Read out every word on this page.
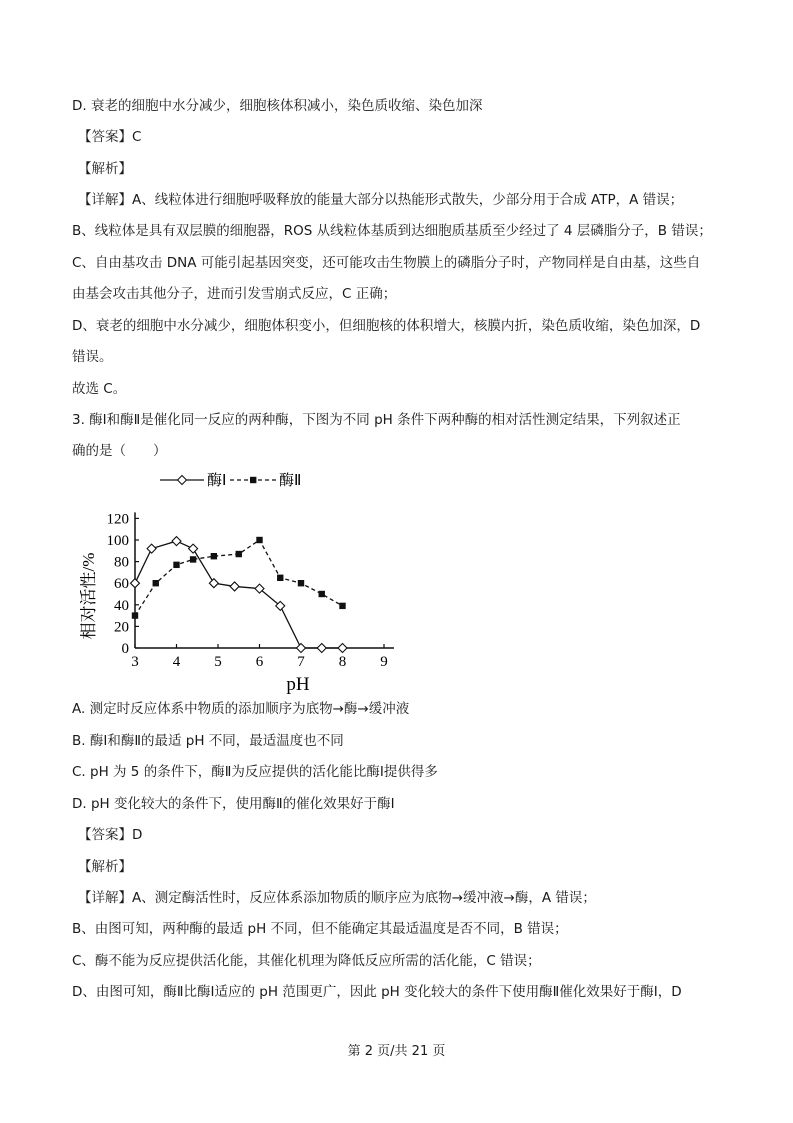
D. 衰老的细胞中水分减少，细胞核体积减小，染色质收缩、染色加深
【答案】C
【解析】
【详解】A、线粒体进行细胞呼吸释放的能量大部分以热能形式散失，少部分用于合成 ATP，A 错误；
B、线粒体是具有双层膜的细胞器，ROS 从线粒体基质到达细胞质基质至少经过了 4 层磷脂分子，B 错误；
C、自由基攻击 DNA 可能引起基因突变，还可能攻击生物膜上的磷脂分子时，产物同样是自由基，这些自
由基会攻击其他分子，进而引发雪崩式反应，C 正确；
D、衰老的细胞中水分减少，细胞体积变小，但细胞核的体积增大，核膜内折，染色质收缩，染色加深，D
错误。
故选 C。
3. 酶Ⅰ和酶Ⅱ是催化同一反应的两种酶，下图为不同 pH 条件下两种酶的相对活性测定结果，下列叙述正
确的是（　　）
3 4 5 6 7 8 9
0
20
40
60
80
100
120
酶Ⅰ	酶Ⅱ
相对活性/%
pH
A. 测定时反应体系中物质的添加顺序为底物→酶→缓冲液
B. 酶Ⅰ和酶Ⅱ的最适 pH 不同，最适温度也不同
C. pH 为 5 的条件下，酶Ⅱ为反应提供的活化能比酶Ⅰ提供得多
D. pH 变化较大的条件下，使用酶Ⅱ的催化效果好于酶Ⅰ
【答案】D
【解析】
【详解】A、测定酶活性时，反应体系添加物质的顺序应为底物→缓冲液→酶，A 错误；
B、由图可知，两种酶的最适 pH 不同，但不能确定其最适温度是否不同，B 错误；
C、酶不能为反应提供活化能，其催化机理为降低反应所需的活化能，C 错误；
D、由图可知，酶Ⅱ比酶Ⅰ适应的 pH 范围更广，因此 pH 变化较大的条件下使用酶Ⅱ催化效果好于酶Ⅰ，D
第 2 页/共 21 页
